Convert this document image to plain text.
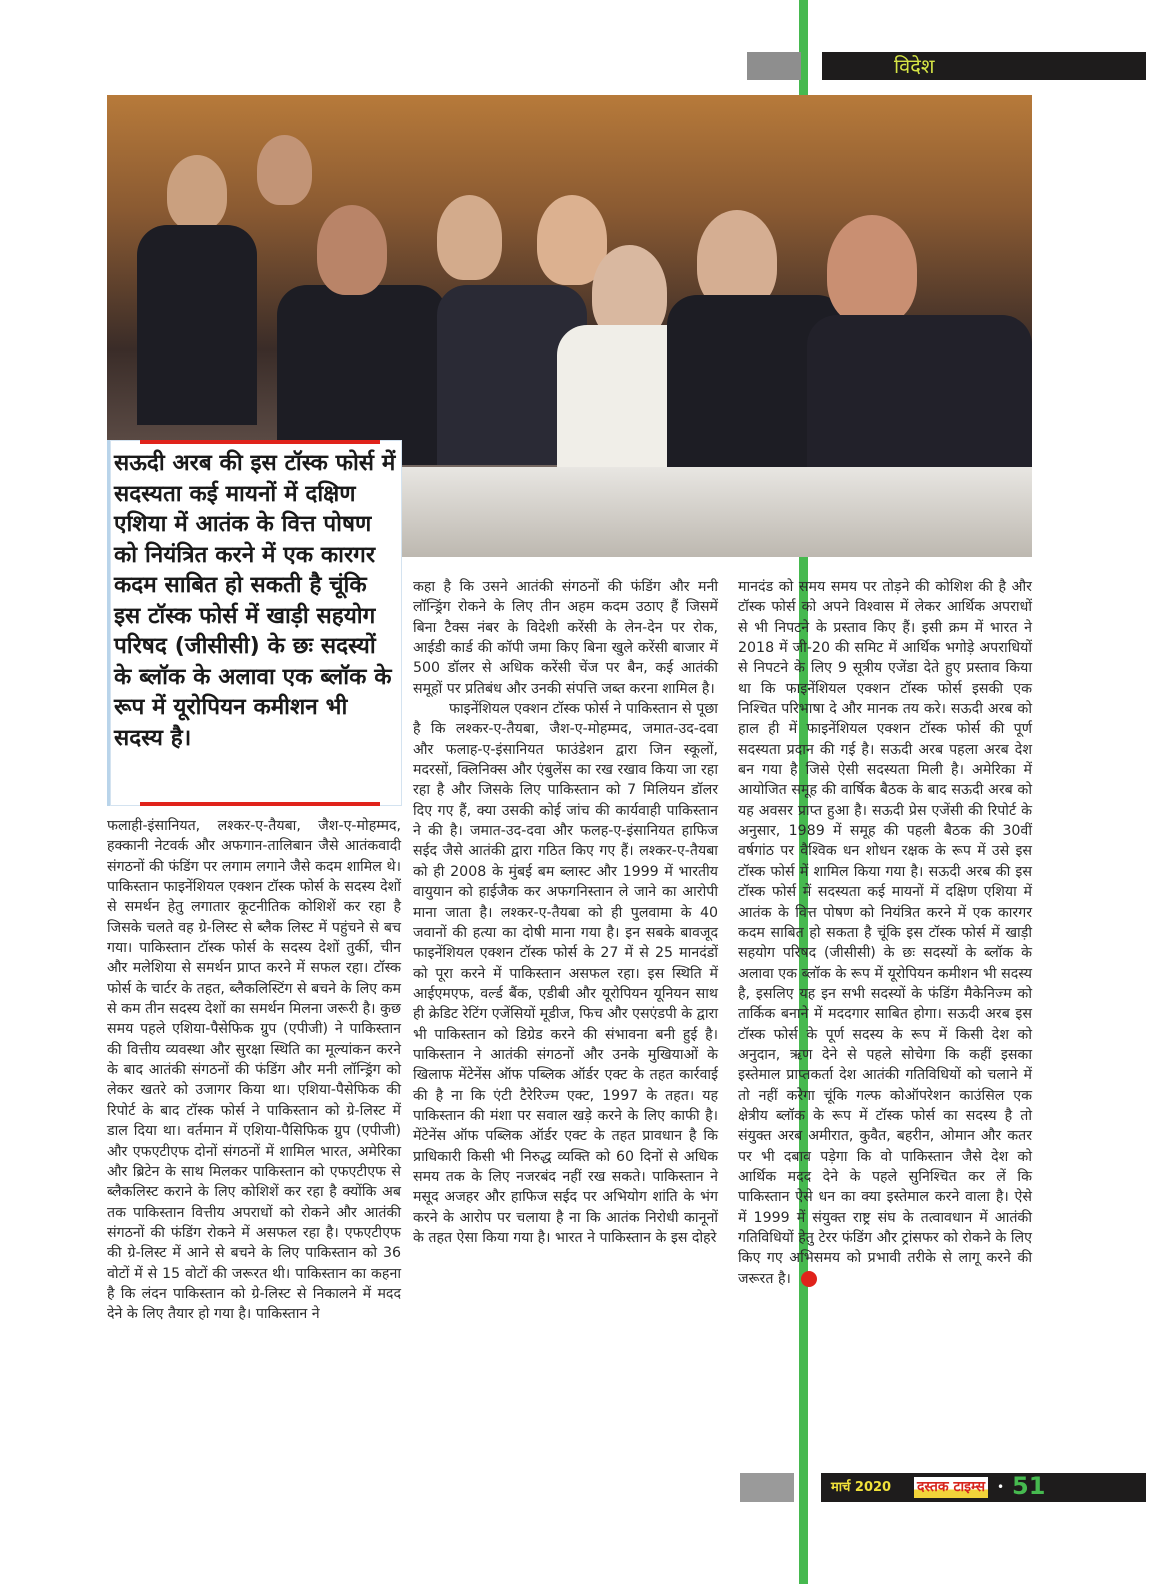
विदेश
सऊदी अरब की इस टॉस्क फोर्स में सदस्यता कई मायनों में दक्षिण एशिया में आतंक के वित्त पोषण को नियंत्रित करने में एक कारगर कदम साबित हो सकती है चूंकि इस टॉस्क फोर्स में खाड़ी सहयोग परिषद (जीसीसी) के छः सदस्यों के ब्लॉक के अलावा एक ब्लॉक के रूप में यूरोपियन कमीशन भी सदस्य है।

फलाही-इंसानियत, लश्कर-ए-तैयबा, जैश-ए-मोहम्मद, हक्कानी नेटवर्क और अफगान-तालिबान जैसे आतंकवादी संगठनों की फंडिंग पर लगाम लगाने जैसे कदम शामिल थे। पाकिस्तान फाइनेंशियल एक्शन टॉस्क फोर्स के सदस्य देशों से समर्थन हेतु लगातार कूटनीतिक कोशिशें कर रहा है जिसके चलते वह ग्रे-लिस्ट से ब्लैक लिस्ट में पहुंचने से बच गया। पाकिस्तान टॉस्क फोर्स के सदस्य देशों तुर्की, चीन और मलेशिया से समर्थन प्राप्त करने में सफल रहा। टॉस्क फोर्स के चार्टर के तहत, ब्लैकलिस्टिंग से बचने के लिए कम से कम तीन सदस्य देशों का समर्थन मिलना जरूरी है। कुछ समय पहले एशिया-पैसेफिक ग्रुप (एपीजी) ने पाकिस्तान की वित्तीय व्यवस्था और सुरक्षा स्थिति का मूल्यांकन करने के बाद आतंकी संगठनों की फंडिंग और मनी लॉन्ड्रिंग को लेकर खतरे को उजागर किया था। एशिया-पैसेफिक की रिपोर्ट के बाद टॉस्क फोर्स ने पाकिस्तान को ग्रे-लिस्ट में डाल दिया था। वर्तमान में एशिया-पैसिफिक ग्रुप (एपीजी) और एफएटीएफ दोनों संगठनों में शामिल भारत, अमेरिका और ब्रिटेन के साथ मिलकर पाकिस्तान को एफएटीएफ से ब्लैकलिस्ट कराने के लिए कोशिशें कर रहा है क्योंकि अब तक पाकिस्तान वित्तीय अपराधों को रोकने और आतंकी संगठनों की फंडिंग रोकने में असफल रहा है। एफएटीएफ की ग्रे-लिस्ट में आने से बचने के लिए पाकिस्तान को 36 वोटों में से 15 वोटों की जरूरत थी। पाकिस्तान का कहना है कि लंदन पाकिस्तान को ग्रे-लिस्ट से निकालने में मदद देने के लिए तैयार हो गया है। पाकिस्तान ने

कहा है कि उसने आतंकी संगठनों की फंडिंग और मनी लॉन्ड्रिंग रोकने के लिए तीन अहम कदम उठाए हैं जिसमें बिना टैक्स नंबर के विदेशी करेंसी के लेन-देन पर रोक, आईडी कार्ड की कॉपी जमा किए बिना खुले करेंसी बाजार में 500 डॉलर से अधिक करेंसी चेंज पर बैन, कई आतंकी समूहों पर प्रतिबंध और उनकी संपत्ति जब्त करना शामिल है।

फाइनेंशियल एक्शन टॉस्क फोर्स ने पाकिस्तान से पूछा है कि लश्कर-ए-तैयबा, जैश-ए-मोहम्मद, जमात-उद-दवा और फलाह-ए-इंसानियत फाउंडेशन द्वारा जिन स्कूलों, मदरसों, क्लिनिक्स और एंबुलेंस का रख रखाव किया जा रहा रहा है और जिसके लिए पाकिस्तान को 7 मिलियन डॉलर दिए गए हैं, क्या उसकी कोई जांच की कार्यवाही पाकिस्तान ने की है। जमात-उद-दवा और फलह-ए-इंसानियत हाफिज सईद जैसे आतंकी द्वारा गठित किए गए हैं। लश्कर-ए-तैयबा को ही 2008 के मुंबई बम ब्लास्ट और 1999 में भारतीय वायुयान को हाईजैक कर अफगनिस्तान ले जाने का आरोपी माना जाता है। लश्कर-ए-तैयबा को ही पुलवामा के 40 जवानों की हत्या का दोषी माना गया है। इन सबके बावजूद फाइनेंशियल एक्शन टॉस्क फोर्स के 27 में से 25 मानदंडों को पूरा करने में पाकिस्तान असफल रहा। इस स्थिति में आईएमएफ, वर्ल्ड बैंक, एडीबी और यूरोपियन यूनियन साथ ही क्रेडिट रेटिंग एजेंसियों मूडीज, फिच और एसएंडपी के द्वारा भी पाकिस्तान को डिग्रेड करने की संभावना बनी हुई है। पाकिस्तान ने आतंकी संगठनों और उनके मुखियाओं के खिलाफ मेंटेनेंस ऑफ पब्लिक ऑर्डर एक्ट के तहत कार्रवाई की है ना कि एंटी टैरेरिज्म एक्ट, 1997 के तहत। यह पाकिस्तान की मंशा पर सवाल खड़े करने के लिए काफी है। मेंटेनेंस ऑफ पब्लिक ऑर्डर एक्ट के तहत प्रावधान है कि प्राधिकारी किसी भी निरुद्ध व्यक्ति को 60 दिनों से अधिक समय तक के लिए नजरबंद नहीं रख सकते। पाकिस्तान ने मसूद अजहर और हाफिज सईद पर अभियोग शांति के भंग करने के आरोप पर चलाया है ना कि आतंक निरोधी कानूनों के तहत ऐसा किया गया है। भारत ने पाकिस्तान के इस दोहरे

मानदंड को समय समय पर तोड़ने की कोशिश की है और टॉस्क फोर्स को अपने विश्वास में लेकर आर्थिक अपराधों से भी निपटने के प्रस्ताव किए हैं। इसी क्रम में भारत ने 2018 में जी-20 की समिट में आर्थिक भगोड़े अपराधियों से निपटने के लिए 9 सूत्रीय एजेंडा देते हुए प्रस्ताव किया था कि फाइनेंशियल एक्शन टॉस्क फोर्स इसकी एक निश्चित परिभाषा दे और मानक तय करे। सऊदी अरब को हाल ही में फाइनेंशियल एक्शन टॉस्क फोर्स की पूर्ण सदस्यता प्रदान की गई है। सऊदी अरब पहला अरब देश बन गया है जिसे ऐसी सदस्यता मिली है। अमेरिका में आयोजित समूह की वार्षिक बैठक के बाद सऊदी अरब को यह अवसर प्राप्त हुआ है। सऊदी प्रेस एजेंसी की रिपोर्ट के अनुसार, 1989 में समूह की पहली बैठक की 30वीं वर्षगांठ पर वैश्विक धन शोधन रक्षक के रूप में उसे इस टॉस्क फोर्स में शामिल किया गया है। सऊदी अरब की इस टॉस्क फोर्स में सदस्यता कई मायनों में दक्षिण एशिया में आतंक के वित्त पोषण को नियंत्रित करने में एक कारगर कदम साबित हो सकता है चूंकि इस टॉस्क फोर्स में खाड़ी सहयोग परिषद (जीसीसी) के छः सदस्यों के ब्लॉक के अलावा एक ब्लॉक के रूप में यूरोपियन कमीशन भी सदस्य है, इसलिए यह इन सभी सदस्यों के फंडिंग मैकेनिज्म को तार्किक बनाने में मददगार साबित होगा। सऊदी अरब इस टॉस्क फोर्स के पूर्ण सदस्य के रूप में किसी देश को अनुदान, ऋण देने से पहले सोचेगा कि कहीं इसका इस्तेमाल प्राप्तकर्ता देश आतंकी गतिविधियों को चलाने में तो नहीं करेगा चूंकि गल्फ कोऑपरेशन काउंसिल एक क्षेत्रीय ब्लॉक के रूप में टॉस्क फोर्स का सदस्य है तो संयुक्त अरब अमीरात, कुवैत, बहरीन, ओमान और कतर पर भी दबाव पड़ेगा कि वो पाकिस्तान जैसे देश को आर्थिक मदद देने के पहले सुनिश्चित कर लें कि पाकिस्तान ऐसे धन का क्या इस्तेमाल करने वाला है। ऐसे में 1999 में संयुक्त राष्ट्र संघ के तत्वावधान में आतंकी गतिविधियों हेतु टेरर फंडिंग और ट्रांसफर को रोकने के लिए किए गए अभिसमय को प्रभावी तरीके से लागू करने की जरूरत है।

मार्च 2020 दस्तक टाइम्स • 51
